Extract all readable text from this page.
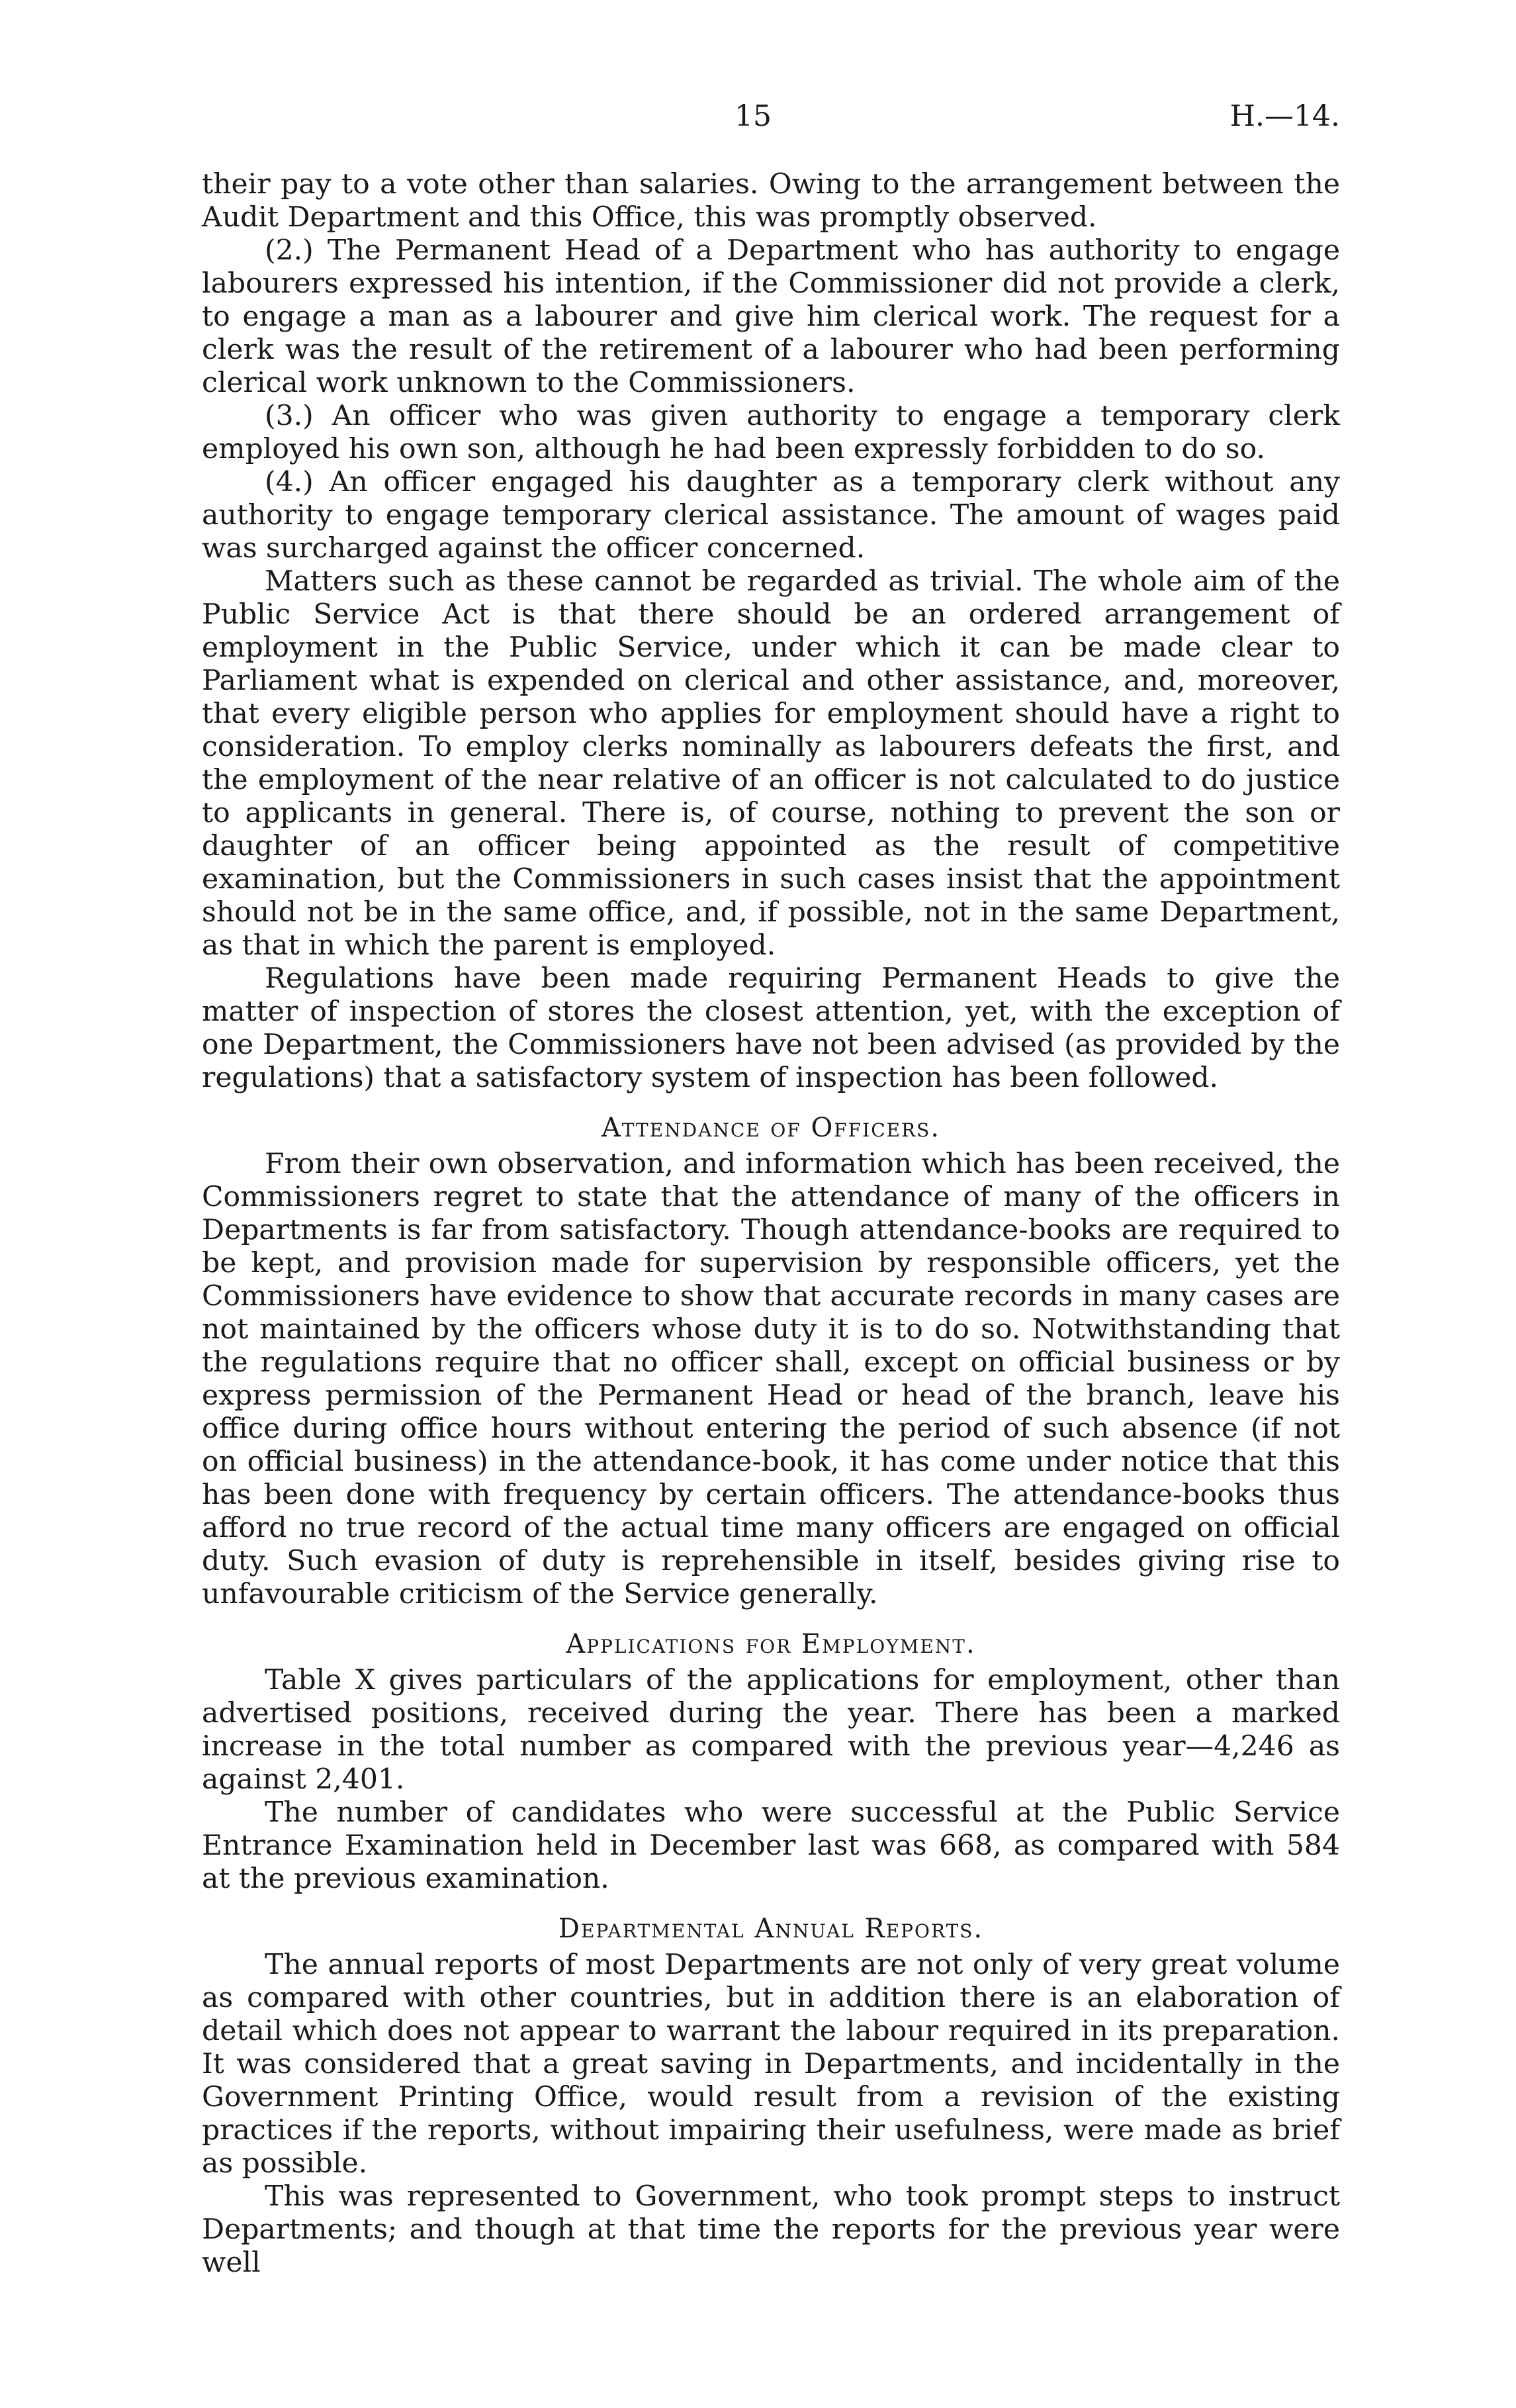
15	H.—14.

their pay to a vote other than salaries. Owing to the arrangement between the Audit Department and this Office, this was promptly observed.

(2.) The Permanent Head of a Department who has authority to engage labourers expressed his intention, if the Commissioner did not provide a clerk, to engage a man as a labourer and give him clerical work. The request for a clerk was the result of the retirement of a labourer who had been performing clerical work unknown to the Commissioners.

(3.) An officer who was given authority to engage a temporary clerk employed his own son, although he had been expressly forbidden to do so.

(4.) An officer engaged his daughter as a temporary clerk without any authority to engage temporary clerical assistance. The amount of wages paid was surcharged against the officer concerned.

Matters such as these cannot be regarded as trivial. The whole aim of the Public Service Act is that there should be an ordered arrangement of employment in the Public Service, under which it can be made clear to Parliament what is expended on clerical and other assistance, and, moreover, that every eligible person who applies for employment should have a right to consideration. To employ clerks nominally as labourers defeats the first, and the employment of the near relative of an officer is not calculated to do justice to applicants in general. There is, of course, nothing to prevent the son or daughter of an officer being appointed as the result of competitive examination, but the Commissioners in such cases insist that the appointment should not be in the same office, and, if possible, not in the same Department, as that in which the parent is employed.

Regulations have been made requiring Permanent Heads to give the matter of inspection of stores the closest attention, yet, with the exception of one Department, the Commissioners have not been advised (as provided by the regulations) that a satisfactory system of inspection has been followed.

Attendance of Officers.

From their own observation, and information which has been received, the Commissioners regret to state that the attendance of many of the officers in Departments is far from satisfactory. Though attendance-books are required to be kept, and provision made for supervision by responsible officers, yet the Commissioners have evidence to show that accurate records in many cases are not maintained by the officers whose duty it is to do so. Notwithstanding that the regulations require that no officer shall, except on official business or by express permission of the Permanent Head or head of the branch, leave his office during office hours without entering the period of such absence (if not on official business) in the attendance-book, it has come under notice that this has been done with frequency by certain officers. The attendance-books thus afford no true record of the actual time many officers are engaged on official duty. Such evasion of duty is reprehensible in itself, besides giving rise to unfavourable criticism of the Service generally.

Applications for Employment.

Table X gives particulars of the applications for employment, other than advertised positions, received during the year. There has been a marked increase in the total number as compared with the previous year—4,246 as against 2,401.

The number of candidates who were successful at the Public Service Entrance Examination held in December last was 668, as compared with 584 at the previous examination.

Departmental Annual Reports.

The annual reports of most Departments are not only of very great volume as compared with other countries, but in addition there is an elaboration of detail which does not appear to warrant the labour required in its preparation. It was considered that a great saving in Departments, and incidentally in the Government Printing Office, would result from a revision of the existing practices if the reports, without impairing their usefulness, were made as brief as possible.

This was represented to Government, who took prompt steps to instruct Departments; and though at that time the reports for the previous year were well
